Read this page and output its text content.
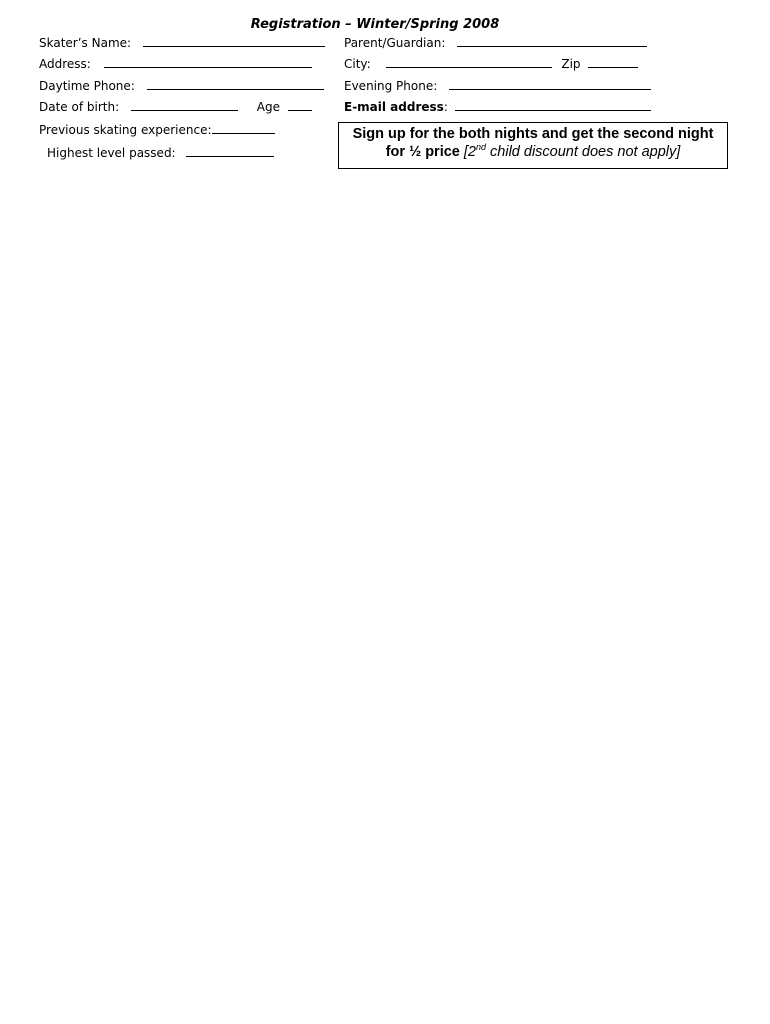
Registration – Winter/Spring 2008
Skater’s Name:	Parent/Guardian:
Address:	City:	Zip
Daytime Phone:	Evening Phone:
Date of birth:	Age	E-mail address:
Previous skating experience:
Highest level passed:
Sign up for the both nights and get the second night
for ½ price [2nd child discount does not apply]
